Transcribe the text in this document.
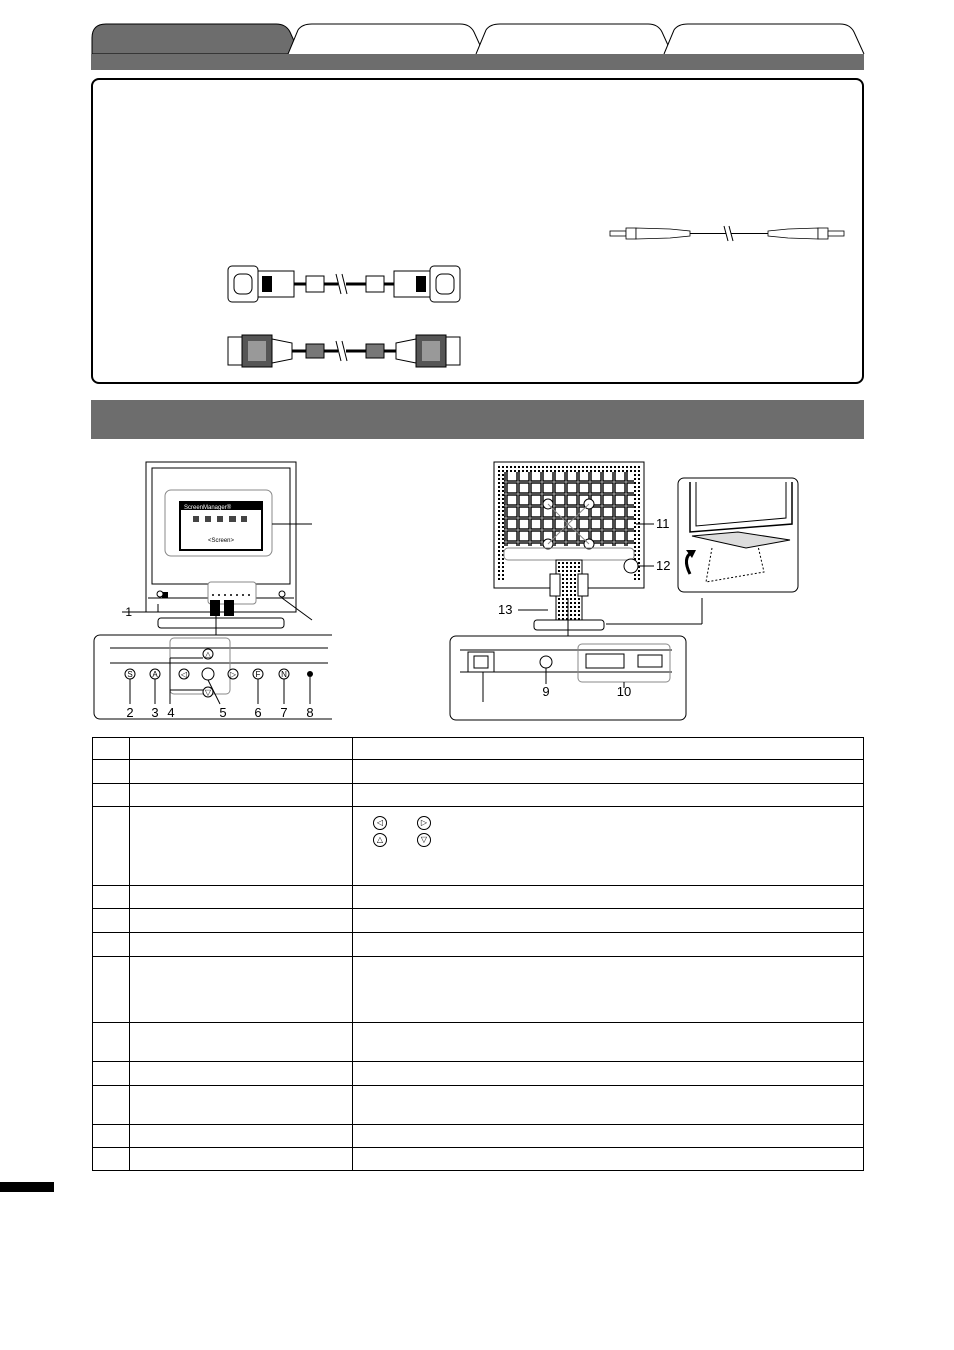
ScreenManager®
<Screen>
1
S A
△
◁	▷
▽
F	N
2 3 4	5 6 7 8
11
12
13
9	10

		◁ ▷
△ ▽
